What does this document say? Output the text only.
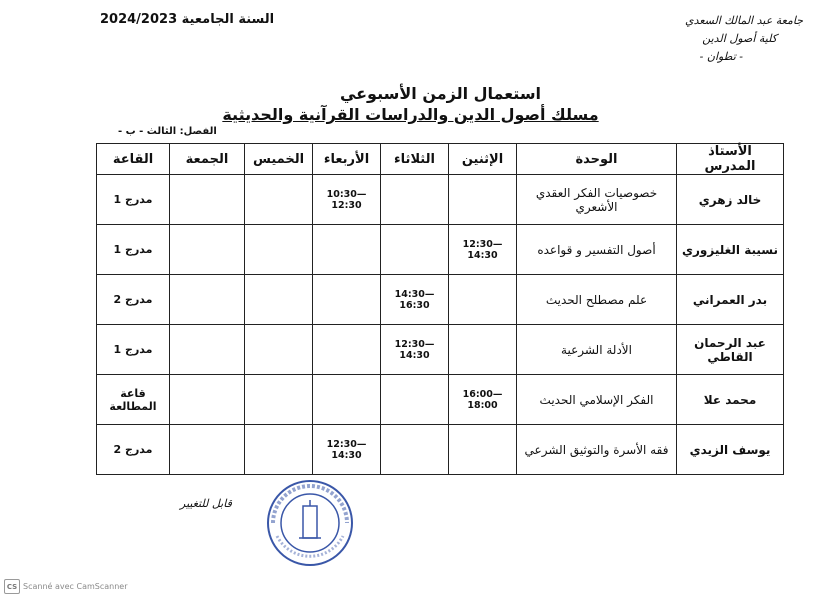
السنة الجامعية 2024/2023	جامعة عبد المالك السعدي
كلية أصول الدين
- تطوان -
استعمال الزمن الأسبوعي
مسلك أصول الدين والدراسات القرآنية والحديثية
الفصل: الثالث - ب -
الأستاذ المدرس	الوحدة	الإثنين	الثلاثاء	الأربعاء	الخميس	الجمعة	القاعة
خالد زهري	خصوصيات الفكر العقدي الأشعري			10:30—12:30			مدرج 1
نسيبة الغليزوري	أصول التفسير و قواعده	12:30—14:30					مدرج 1
بدر العمراني	علم مصطلح الحديث		14:30—16:30				مدرج 2
عبد الرحمان القاطي	الأدلة الشرعية		12:30—14:30				مدرج 1
محمد علا	الفكر الإسلامي الحديث	16:00—18:00					قاعة المطالعة
يوسف الزيدي	فقه الأسرة والتوثيق الشرعي			12:30—14:30			مدرج 2
قابل للتغيير
CS Scanné avec CamScanner
